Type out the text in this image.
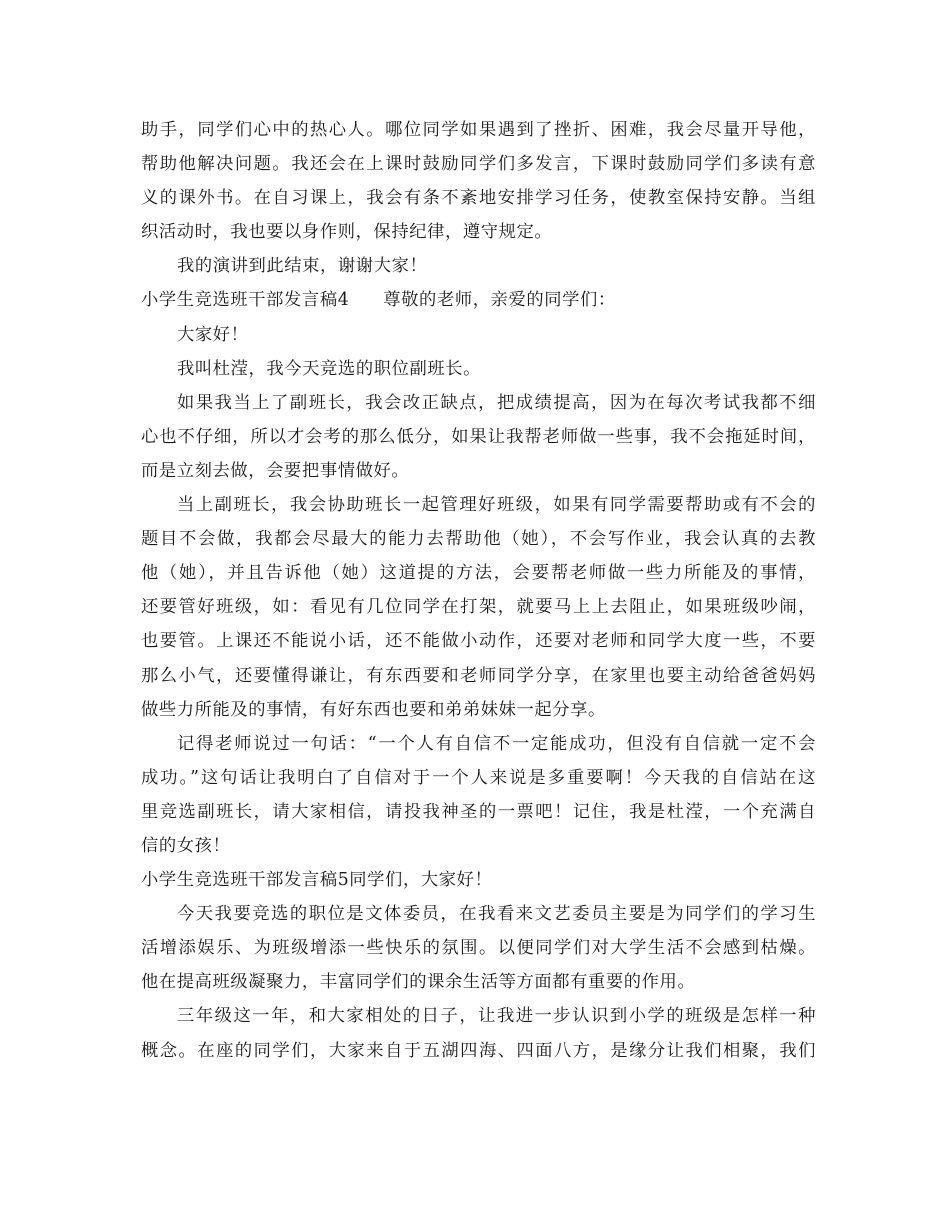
助手，同学们心中的热心人。哪位同学如果遇到了挫折、困难，我会尽量开导他，
帮助他解决问题。我还会在上课时鼓励同学们多发言，下课时鼓励同学们多读有意
义的课外书。在自习课上，我会有条不紊地安排学习任务，使教室保持安静。当组
织活动时，我也要以身作则，保持纪律，遵守规定。
我的演讲到此结束，谢谢大家！
小学生竞选班干部发言稿4 尊敬的老师，亲爱的同学们：
大家好！
我叫杜滢，我今天竞选的职位副班长。
如果我当上了副班长，我会改正缺点，把成绩提高，因为在每次考试我都不细
心也不仔细，所以才会考的那么低分，如果让我帮老师做一些事，我不会拖延时间，
而是立刻去做，会要把事情做好。
当上副班长，我会协助班长一起管理好班级，如果有同学需要帮助或有不会的
题目不会做，我都会尽最大的能力去帮助他（她），不会写作业，我会认真的去教
他（她），并且告诉他（她）这道提的方法，会要帮老师做一些力所能及的事情，
还要管好班级，如：看见有几位同学在打架，就要马上上去阻止，如果班级吵闹，
也要管。上课还不能说小话，还不能做小动作，还要对老师和同学大度一些，不要
那么小气，还要懂得谦让，有东西要和老师同学分享，在家里也要主动给爸爸妈妈
做些力所能及的事情，有好东西也要和弟弟妹妹一起分享。
记得老师说过一句话：“一个人有自信不一定能成功，但没有自信就一定不会
成功。”这句话让我明白了自信对于一个人来说是多重要啊！今天我的自信站在这
里竞选副班长，请大家相信，请投我神圣的一票吧！记住，我是杜滢，一个充满自
信的女孩！
小学生竞选班干部发言稿5同学们，大家好！
今天我要竞选的职位是文体委员，在我看来文艺委员主要是为同学们的学习生
活增添娱乐、为班级增添一些快乐的氛围。以便同学们对大学生活不会感到枯燥。
他在提高班级凝聚力，丰富同学们的课余生活等方面都有重要的作用。
三年级这一年，和大家相处的日子，让我进一步认识到小学的班级是怎样一种
概念。在座的同学们，大家来自于五湖四海、四面八方，是缘分让我们相聚，我们
